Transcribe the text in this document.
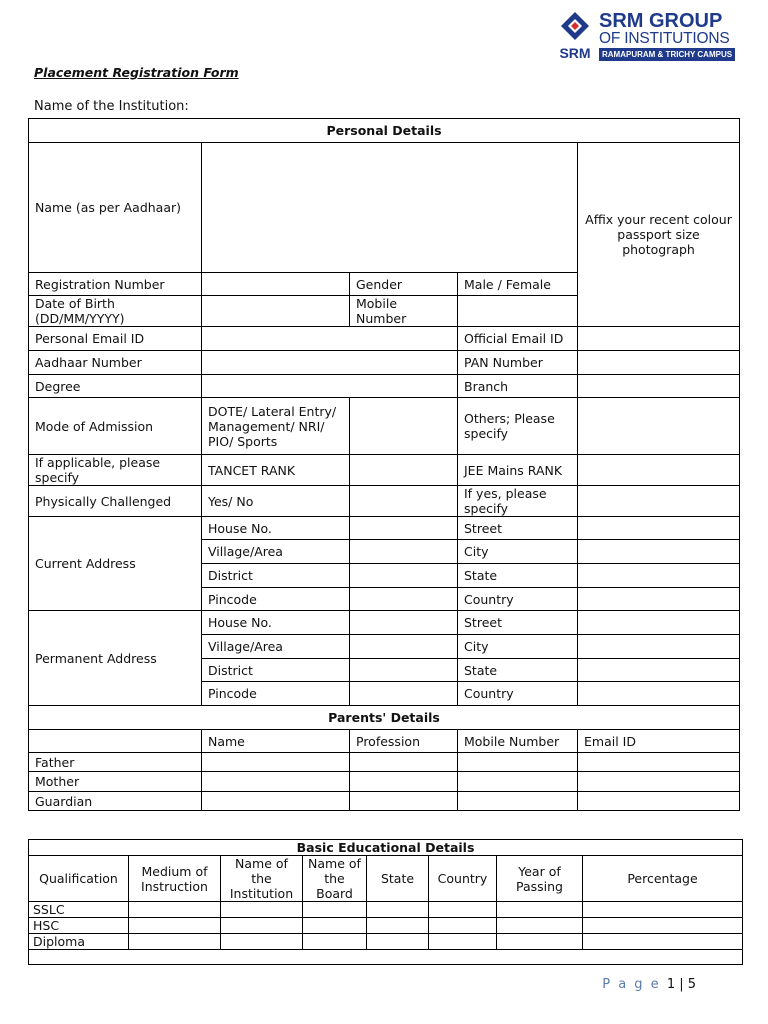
SRM
SRM GROUP
OF INSTITUTIONS
RAMAPURAM & TRICHY CAMPUS
Placement Registration Form
Name of the Institution:
Personal Details				
Name (as per Aadhaar)				Affix your recent colour passport size photograph
Registration Number		Gender	Male / Female	
Date of Birth (DD/MM/YYYY)		Mobile Number		
Personal Email ID			Official Email ID	
Aadhaar Number			PAN Number	
Degree			Branch	
Mode of Admission	DOTE/ Lateral Entry/ Management/ NRI/ PIO/ Sports		Others; Please specify	
If applicable, please specify	TANCET RANK		JEE Mains RANK	
Physically Challenged	Yes/ No		If yes, please specify	
Current Address	House No.		Street	
	Village/Area		City	
	District		State	
	Pincode		Country	
Permanent Address	House No.		Street	
	Village/Area		City	
	District		State	
	Pincode		Country	
Parents' Details				
	Name	Profession	Mobile Number	Email ID
Father				
Mother				
Guardian				
Basic Educational Details							
Qualification	Medium of Instruction	Name of the Institution	Name of the Board	State	Country	Year of Passing	Percentage
SSLC							
HSC							
Diploma							

P a g e 1 | 5
